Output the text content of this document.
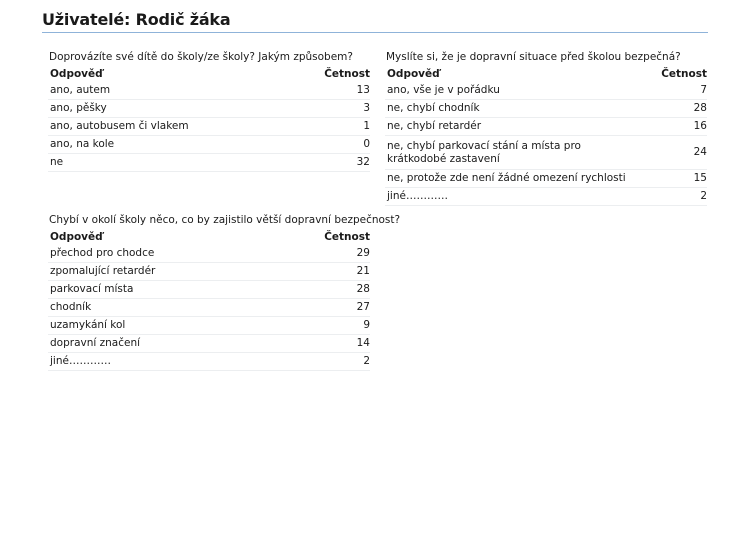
Uživatelé: Rodič žáka
Doprovázíte své dítě do školy/ze školy? Jakým způsobem?
Odpověď	Četnost
ano, autem	13
ano, pěšky	3
ano, autobusem či vlakem	1
ano, na kole	0
ne	32
Myslíte si, že je dopravní situace před školou bezpečná?
Odpověď	Četnost
ano, vše je v pořádku	7
ne, chybí chodník	28
ne, chybí retardér	16
ne, chybí parkovací stání a místa pro krátkodobé zastavení	24
ne, protože zde není žádné omezení rychlosti	15
jiné…………	2
Chybí v okolí školy něco, co by zajistilo větší dopravní bezpečnost?
Odpověď	Četnost
přechod pro chodce	29
zpomalující retardér	21
parkovací místa	28
chodník	27
uzamykání kol	9
dopravní značení	14
jiné…………	2
